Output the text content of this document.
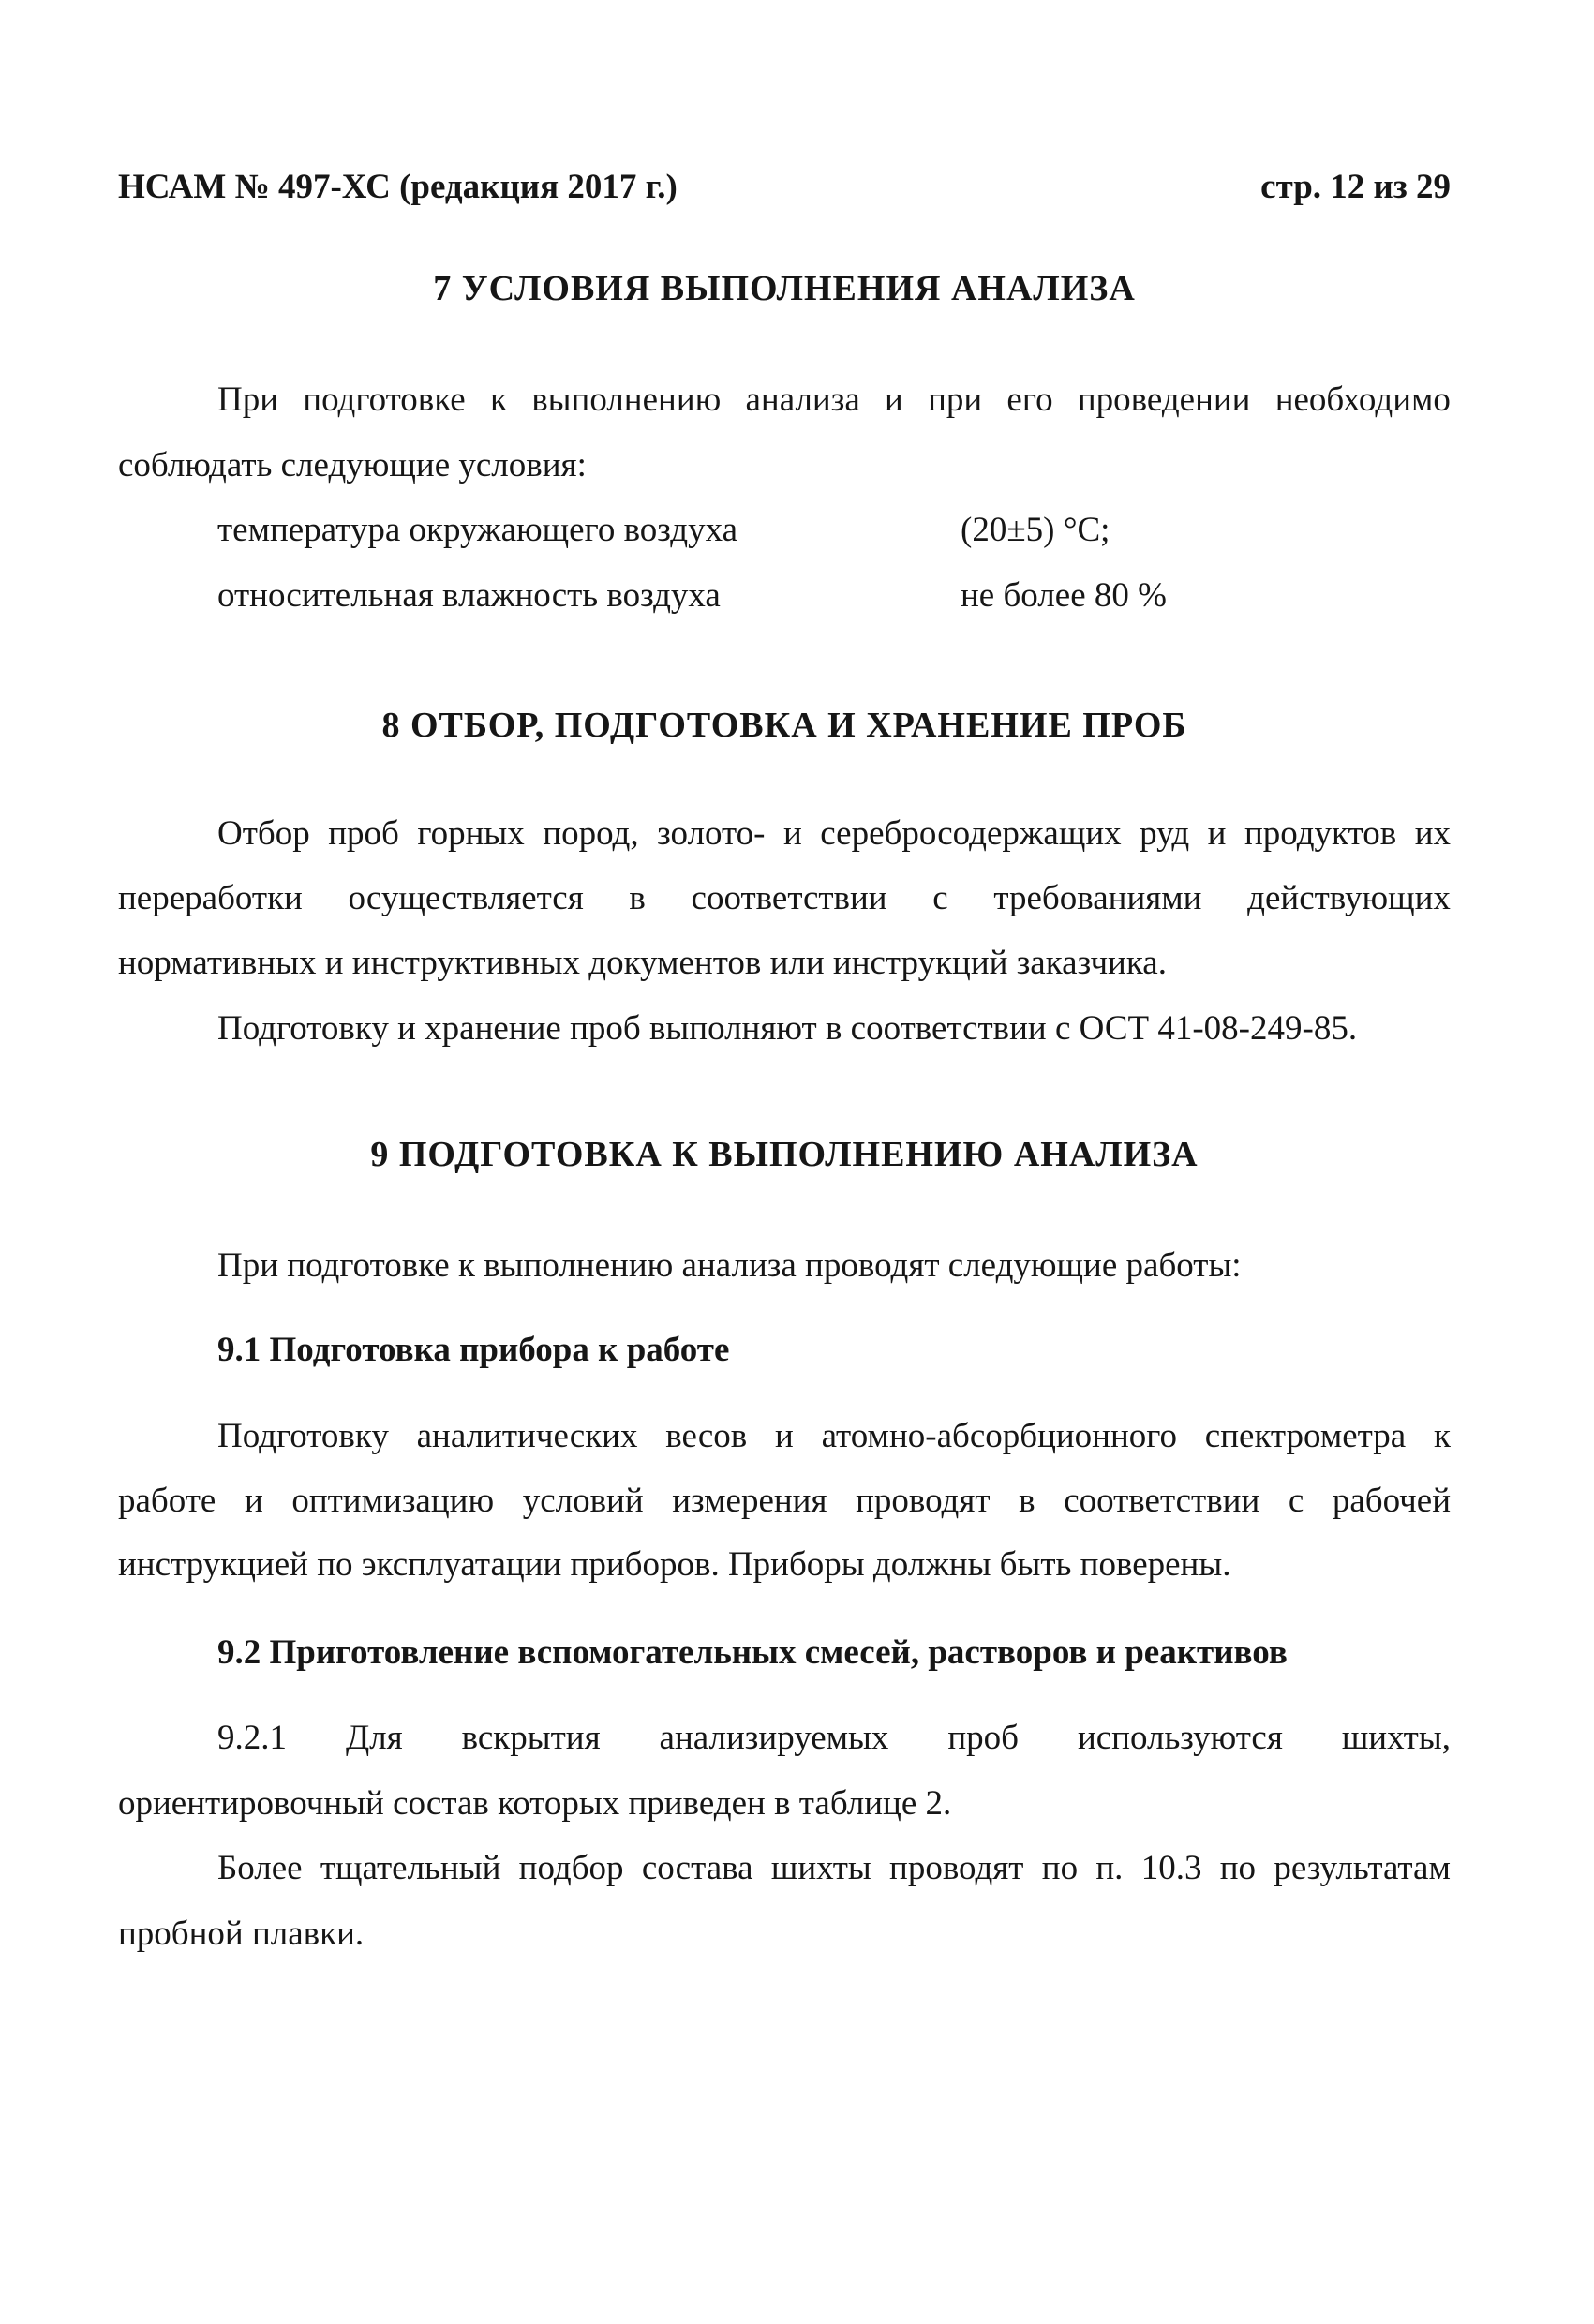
НСАМ № 497-ХС (редакция 2017 г.)	стр. 12 из 29
7 УСЛОВИЯ ВЫПОЛНЕНИЯ АНАЛИЗА
При подготовке к выполнению анализа и при его проведении необходимо
соблюдать следующие условия:
температура окружающего воздуха	(20±5) °С;
относительная влажность воздуха	не более 80 %
8 ОТБОР, ПОДГОТОВКА И ХРАНЕНИЕ ПРОБ
Отбор проб горных пород, золото- и серебросодержащих руд и продуктов их
переработки осуществляется в соответствии с требованиями действующих
нормативных и инструктивных документов или инструкций заказчика.
Подготовку и хранение проб выполняют в соответствии с ОСТ 41-08-249-85.
9 ПОДГОТОВКА К ВЫПОЛНЕНИЮ АНАЛИЗА
При подготовке к выполнению анализа проводят следующие работы:
9.1 Подготовка прибора к работе
Подготовку аналитических весов и атомно-абсорбционного спектрометра к
работе и оптимизацию условий измерения проводят в соответствии с рабочей
инструкцией по эксплуатации приборов. Приборы должны быть поверены.
9.2 Приготовление вспомогательных смесей, растворов и реактивов
9.2.1 Для вскрытия анализируемых проб используются шихты,
ориентировочный состав которых приведен в таблице 2.
Более тщательный подбор состава шихты проводят по п. 10.3 по результатам
пробной плавки.
